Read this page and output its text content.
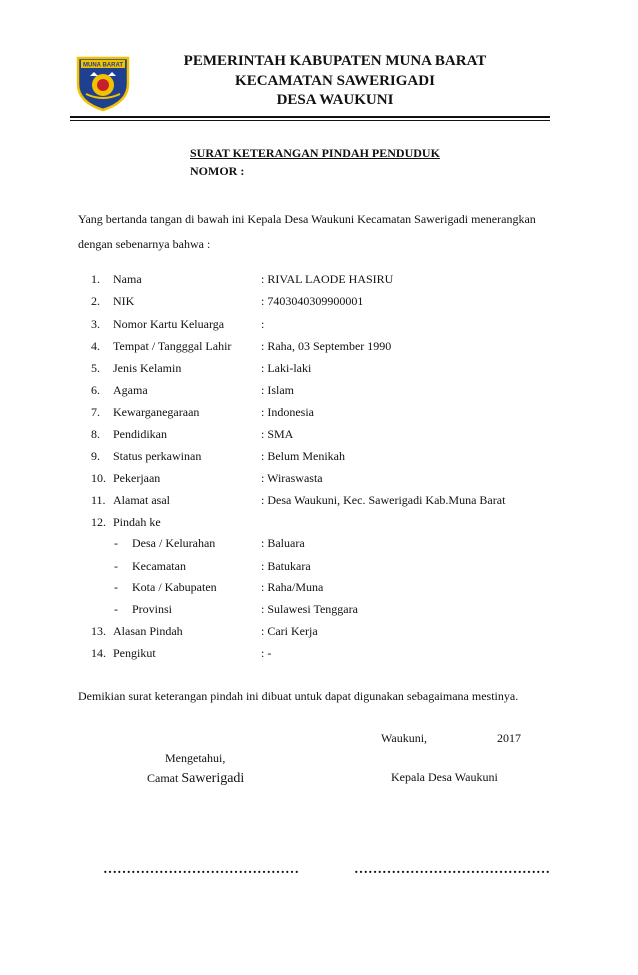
MUNA BARAT	PEMERINTAH KABUPATEN MUNA BARAT
KECAMATAN SAWERIGADI
DESA WAUKUNI
SURAT KETERANGAN PINDAH PENDUDUK
NOMOR :
Yang bertanda tangan di bawah ini Kepala Desa Waukuni Kecamatan Sawerigadi menerangkan
dengan sebenarnya bahwa :
1. Nama	: RIVAL LAODE HASIRU
2. NIK	: 7403040309900001
3. Nomor Kartu Keluarga	:
4. Tempat / Tangggal Lahir : Raha, 03 September 1990
5. Jenis Kelamin	: Laki-laki
6. Agama	: Islam
7. Kewarganegaraan	: Indonesia
8. Pendidikan	: SMA
9. Status perkawinan	: Belum Menikah
10. Pekerjaan	: Wiraswasta
11. Alamat asal	: Desa Waukuni, Kec. Sawerigadi Kab.Muna Barat
12. Pindah ke
- Desa / Kelurahan	: Baluara
- Kecamatan	: Batukara
- Kota / Kabupaten	: Raha/Muna
- Provinsi	: Sulawesi Tenggara
13. Alasan Pindah	: Cari Kerja
14. Pengikut	: -
Demikian surat keterangan pindah ini dibuat untuk dapat digunakan sebagaimana mestinya.
Waukuni,	2017
Mengetahui,
Camat Sawerigadi	Kepala Desa Waukuni
……………………………………	……………………………………
